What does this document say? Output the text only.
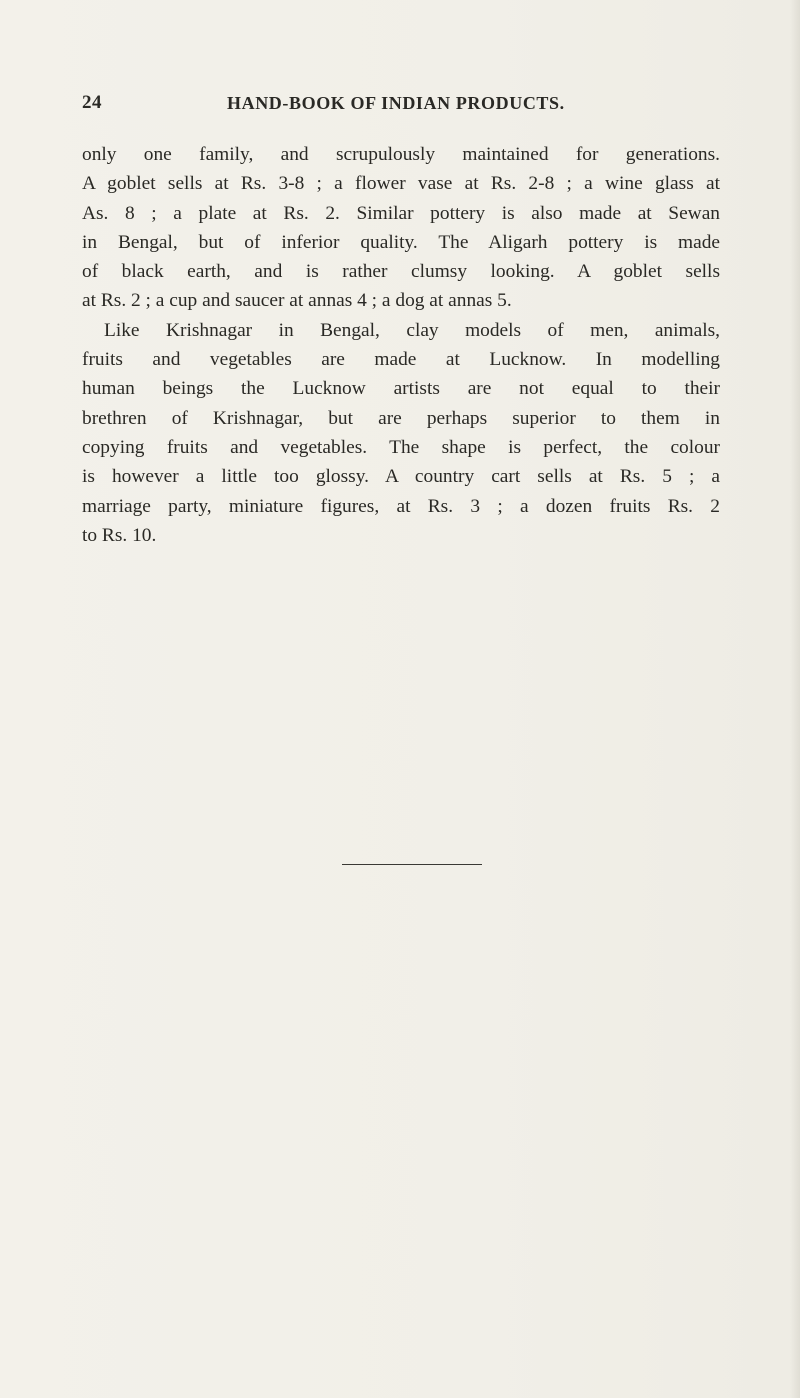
24	HAND-BOOK OF INDIAN PRODUCTS.
only one family, and scrupulously maintained for generations.
A goblet sells at Rs. 3-8 ; a flower vase at Rs. 2-8 ; a wine glass at
As. 8 ; a plate at Rs. 2. Similar pottery is also made at Sewan
in Bengal, but of inferior quality. The Aligarh pottery is made
of black earth, and is rather clumsy looking. A goblet sells
at Rs. 2 ; a cup and saucer at annas 4 ; a dog at annas 5.
Like Krishnagar in Bengal, clay models of men, animals,
fruits and vegetables are made at Lucknow. In modelling
human beings the Lucknow artists are not equal to their
brethren of Krishnagar, but are perhaps superior to them in
copying fruits and vegetables. The shape is perfect, the colour
is however a little too glossy. A country cart sells at Rs. 5 ; a
marriage party, miniature figures, at Rs. 3 ; a dozen fruits Rs. 2
to Rs. 10.
